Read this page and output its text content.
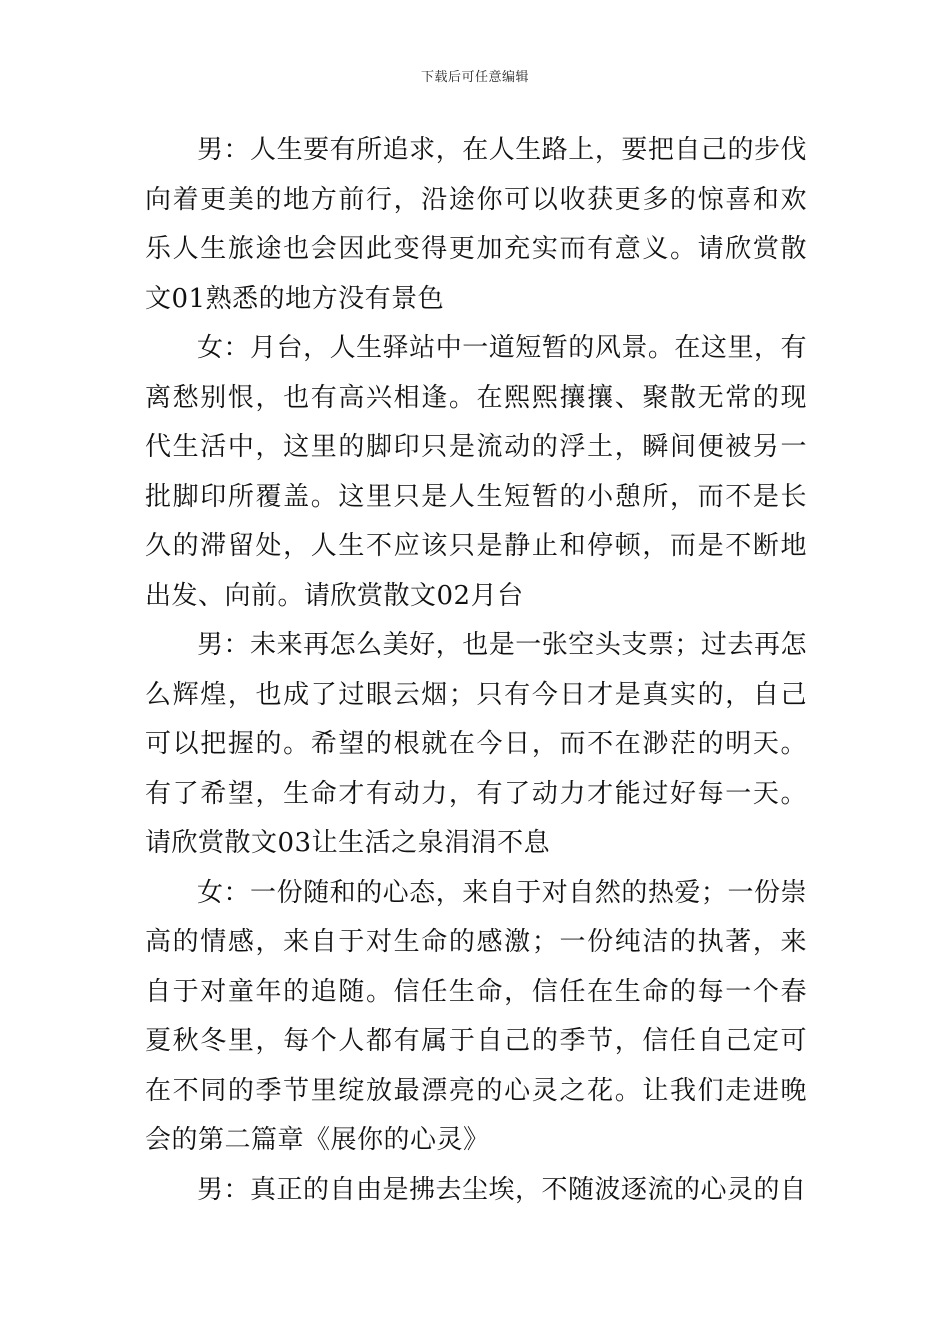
下载后可任意编辑

男：人生要有所追求，在人生路上，要把自己的步伐向着更美的地方前行，沿途你可以收获更多的惊喜和欢乐人生旅途也会因此变得更加充实而有意义。请欣赏散文01熟悉的地方没有景色

女：月台，人生驿站中一道短暂的风景。在这里，有离愁别恨，也有高兴相逢。在熙熙攘攘、聚散无常的现代生活中，这里的脚印只是流动的浮土，瞬间便被另一批脚印所覆盖。这里只是人生短暂的小憩所，而不是长久的滞留处，人生不应该只是静止和停顿，而是不断地出发、向前。请欣赏散文02月台

男：未来再怎么美好，也是一张空头支票；过去再怎么辉煌，也成了过眼云烟；只有今日才是真实的，自己可以把握的。希望的根就在今日，而不在渺茫的明天。有了希望，生命才有动力，有了动力才能过好每一天。请欣赏散文03让生活之泉涓涓不息

女：一份随和的心态，来自于对自然的热爱；一份崇高的情感，来自于对生命的感激；一份纯洁的执著，来自于对童年的追随。信任生命，信任在生命的每一个春夏秋冬里，每个人都有属于自己的季节，信任自己定可在不同的季节里绽放最漂亮的心灵之花。让我们走进晚会的第二篇章《展你的心灵》

男：真正的自由是拂去尘埃，不随波逐流的心灵的自
